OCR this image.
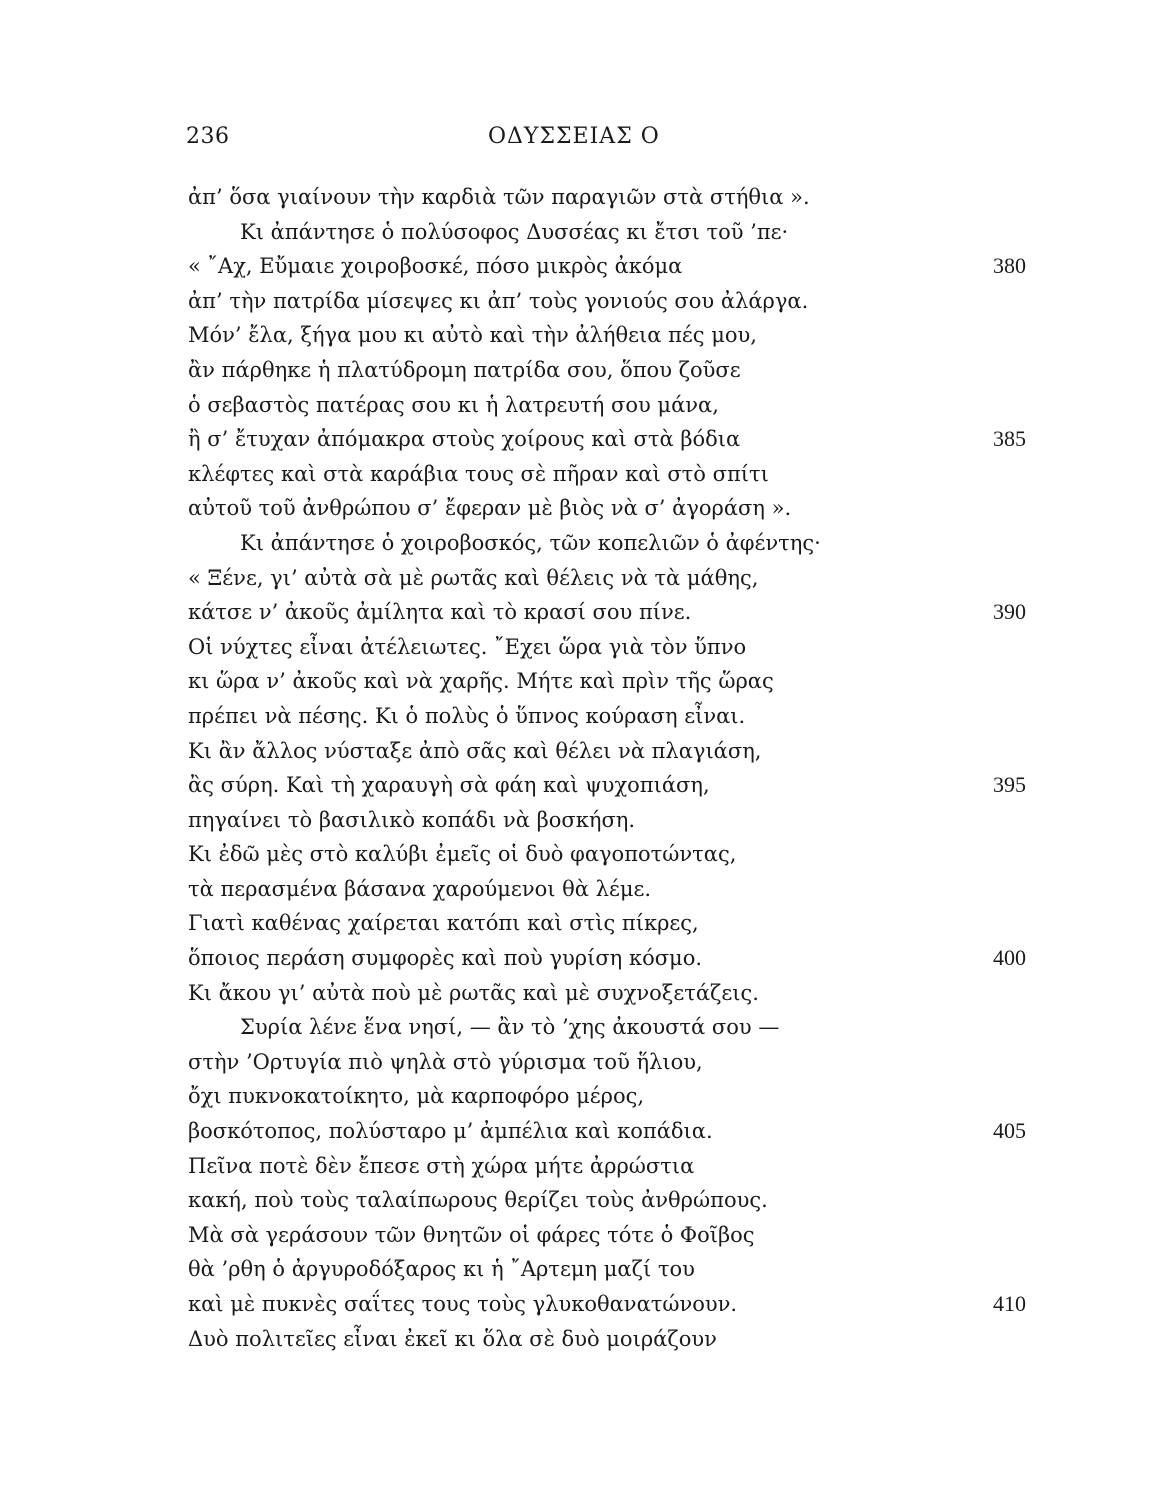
236	ΟΔΥΣΣΕΙΑΣ Ο
ἀπ’ ὅσα γιαίνουν τὴν καρδιὰ τῶν παραγιῶν στὰ στήθια ».
Κι ἀπάντησε ὁ πολύσοφος Δυσσέας κι ἔτσι τοῦ ’πε·
« ῎Αχ, Εὔμαιε χοιροβοσκέ, πόσο μικρὸς ἀκόμα	380
ἀπ’ τὴν πατρίδα μίσεψες κι ἀπ’ τοὺς γονιούς σου ἀλάργα.
Μόν’ ἔλα, ξήγα μου κι αὐτὸ καὶ τὴν ἀλήθεια πές μου,
ἂν πάρθηκε ἡ πλατύδρομη πατρίδα σου, ὅπου ζοῦσε
ὁ σεβαστὸς πατέρας σου κι ἡ λατρευτή σου μάνα,
ἢ σ’ ἔτυχαν ἀπόμακρα στοὺς χοίρους καὶ στὰ βόδια	385
κλέφτες καὶ στὰ καράβια τους σὲ πῆραν καὶ στὸ σπίτι
αὐτοῦ τοῦ ἀνθρώπου σ’ ἔφεραν μὲ βιὸς νὰ σ’ ἀγοράση ».
Κι ἀπάντησε ὁ χοιροβοσκός, τῶν κοπελιῶν ὁ ἀφέντης·
« Ξένε, γι’ αὐτὰ σὰ μὲ ρωτᾶς καὶ θέλεις νὰ τὰ μάθης,
κάτσε ν’ ἀκοῦς ἀμίλητα καὶ τὸ κρασί σου πίνε.	390
Οἱ νύχτες εἶναι ἀτέλειωτες. ῎Εχει ὥρα γιὰ τὸν ὕπνο
κι ὥρα ν’ ἀκοῦς καὶ νὰ χαρῆς. Μήτε καὶ πρὶν τῆς ὥρας
πρέπει νὰ πέσης. Κι ὁ πολὺς ὁ ὕπνος κούραση εἶναι.
Κι ἂν ἄλλος νύσταξε ἀπὸ σᾶς καὶ θέλει νὰ πλαγιάση,
ἂς σύρη. Καὶ τὴ χαραυγὴ σὰ φάη καὶ ψυχοπιάση,	395
πηγαίνει τὸ βασιλικὸ κοπάδι νὰ βοσκήση.
Κι ἐδῶ μὲς στὸ καλύβι ἐμεῖς οἱ δυὸ φαγοποτώντας,
τὰ περασμένα βάσανα χαρούμενοι θὰ λέμε.
Γιατὶ καθένας χαίρεται κατόπι καὶ στὶς πίκρες,
ὅποιος περάση συμφορὲς καὶ ποὺ γυρίση κόσμο.	400
Κι ἄκου γι’ αὐτὰ ποὺ μὲ ρωτᾶς καὶ μὲ συχνοξετάζεις.
Συρία λένε ἕνα νησί, — ἂν τὸ ’χης ἀκουστά σου —
στὴν ’Ορτυγία πιὸ ψηλὰ στὸ γύρισμα τοῦ ἥλιου,
ὄχι πυκνοκατοίκητο, μὰ καρποφόρο μέρος,
βοσκότοπος, πολύσταρο μ’ ἀμπέλια καὶ κοπάδια.	405
Πεῖνα ποτὲ δὲν ἔπεσε στὴ χώρα μήτε ἀρρώστια
κακή, ποὺ τοὺς ταλαίπωρους θερίζει τοὺς ἀνθρώπους.
Μὰ σὰ γεράσουν τῶν θνητῶν οἱ φάρες τότε ὁ Φοῖβος
θὰ ’ρθη ὁ ἀργυροδόξαρος κι ἡ ῎Αρτεμη μαζί του
καὶ μὲ πυκνὲς σαΐτες τους τοὺς γλυκοθανατώνουν.	410
Δυὸ πολιτεῖες εἶναι ἐκεῖ κι ὅλα σὲ δυὸ μοιράζουν
